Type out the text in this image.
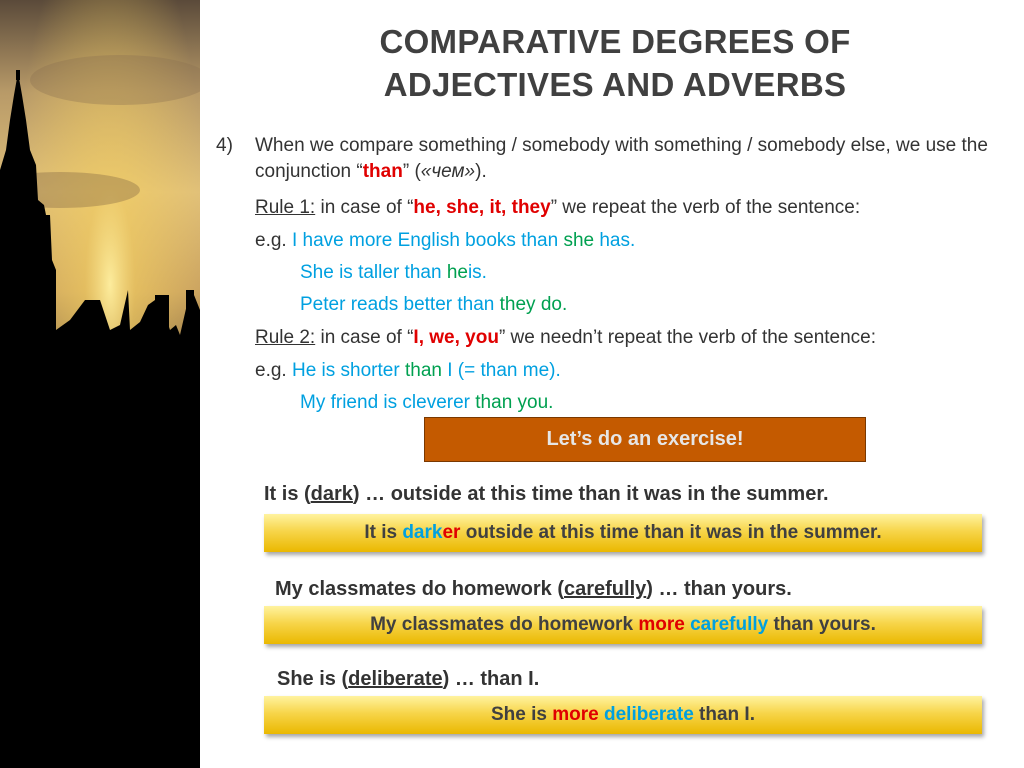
COMPARATIVE DEGREES OF
ADJECTIVES AND ADVERBS
4) When we compare something / somebody with something / somebody else, we use the conjunction “than” («чем»).
Rule 1: in case of “he, she, it, they” we repeat the verb of the sentence:
e.g. I have more English books than she has.
She is taller than heis.
Peter reads better than they do.
Rule 2: in case of “I, we, you” we needn’t repeat the verb of the sentence:
e.g. He is shorter than I (= than me).
My friend is cleverer than you.
Let’s do an exercise!
It is (dark) … outside at this time than it was in the summer.
It is darker outside at this time than it was in the summer.
My classmates do homework (carefully) … than yours.
My classmates do homework more carefully than yours.
She is (deliberate) … than I.
She is more deliberate than I.
